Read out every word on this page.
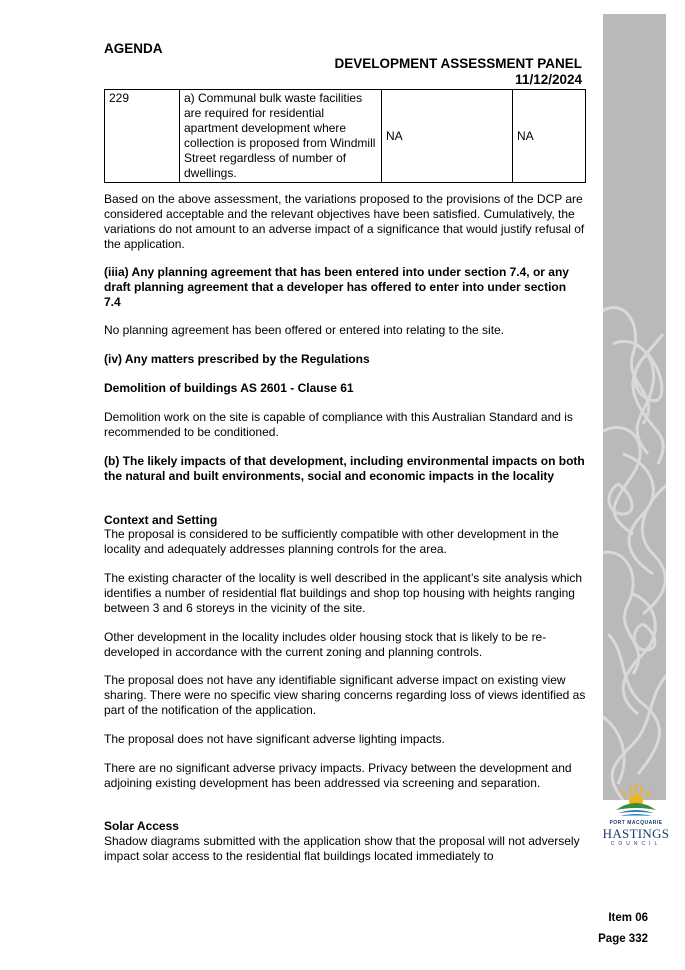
PORT MACQUARIE
HASTINGS
COUNCIL
AGENDA
DEVELOPMENT ASSESSMENT PANEL
11/12/2024
229	a) Communal bulk waste facilities are required for residential apartment development where collection is proposed from Windmill Street regardless of number of dwellings.	NA	NA

Based on the above assessment, the variations proposed to the provisions of the DCP are considered acceptable and the relevant objectives have been satisfied. Cumulatively, the variations do not amount to an adverse impact of a significance that would justify refusal of the application.

(iiia) Any planning agreement that has been entered into under section 7.4, or any draft planning agreement that a developer has offered to enter into under section 7.4

No planning agreement has been offered or entered into relating to the site.

(iv) Any matters prescribed by the Regulations

Demolition of buildings AS 2601 - Clause 61

Demolition work on the site is capable of compliance with this Australian Standard and is recommended to be conditioned.

(b) The likely impacts of that development, including environmental impacts on both the natural and built environments, social and economic impacts in the locality

Context and Setting

The proposal is considered to be sufficiently compatible with other development in the locality and adequately addresses planning controls for the area.

The existing character of the locality is well described in the applicant’s site analysis which identifies a number of residential flat buildings and shop top housing with heights ranging between 3 and 6 storeys in the vicinity of the site.

Other development in the locality includes older housing stock that is likely to be re-developed in accordance with the current zoning and planning controls.

The proposal does not have any identifiable significant adverse impact on existing view sharing. There were no specific view sharing concerns regarding loss of views identified as part of the notification of the application.

The proposal does not have significant adverse lighting impacts.

There are no significant adverse privacy impacts. Privacy between the development and adjoining existing development has been addressed via screening and separation.

Solar Access

Shadow diagrams submitted with the application show that the proposal will not adversely impact solar access to the residential flat buildings located immediately to

Item 06
Page 332
